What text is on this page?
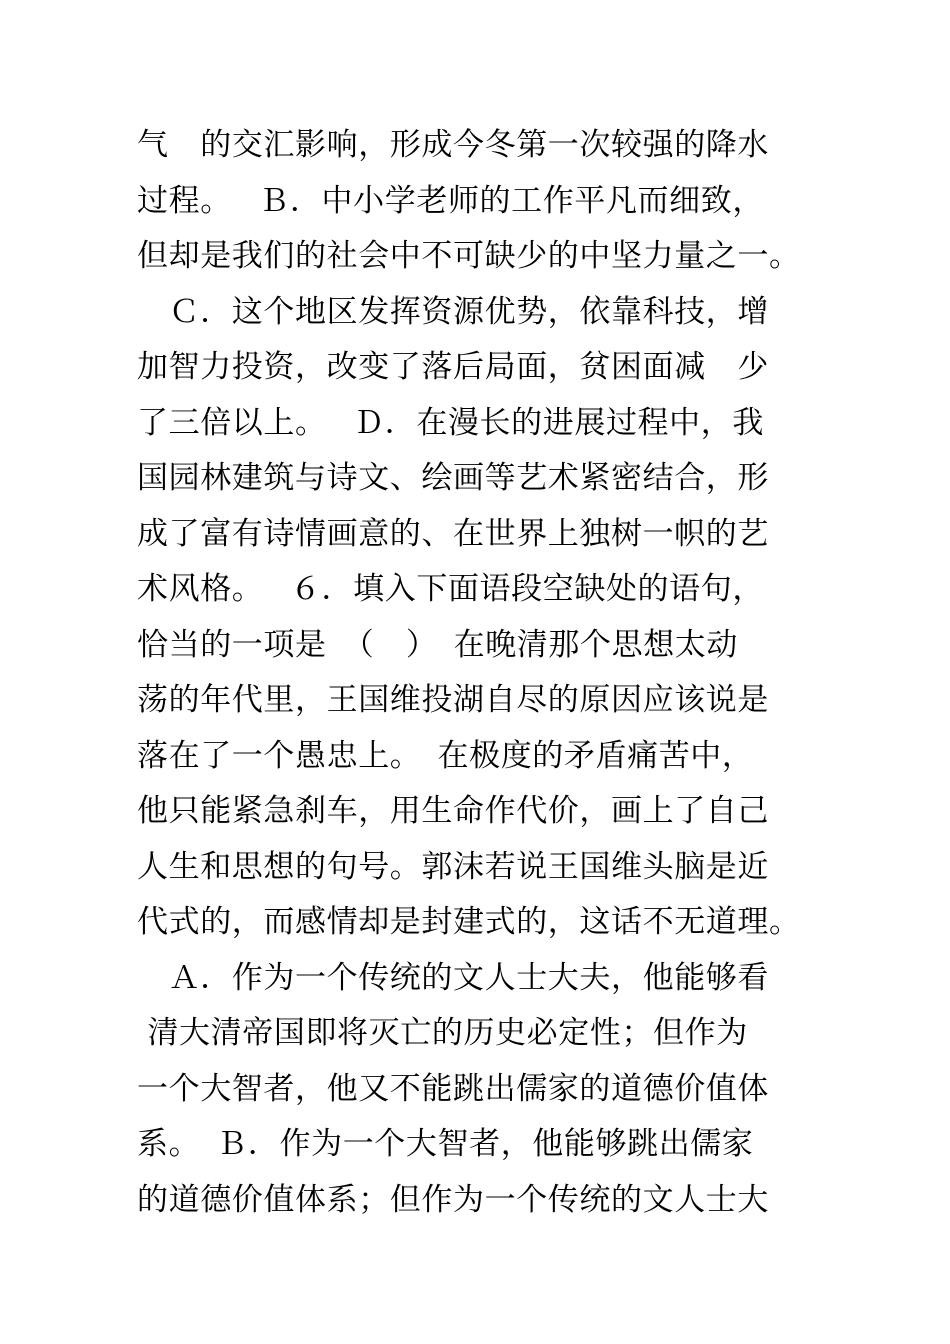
气　的交汇影响，形成今冬第一次较强的降水
过程。　 Ｂ．中小学老师的工作平凡而细致，
但却是我们的社会中不可缺少的中坚力量之一。
　Ｃ．这个地区发挥资源优势，依靠科技，增
加智力投资，改变了落后局面，贫困面减　少
了三倍以上。　 Ｄ．在漫长的进展过程中，我
国园林建筑与诗文、绘画等艺术紧密结合，形
成了富有诗情画意的、在世界上独树一帜的艺
术风格。　 ６．填入下面语段空缺处的语句，
恰当的一项是　（　）　在晚清那个思想太动
荡的年代里，王国维投湖自尽的原因应该说是
落在了一个愚忠上。　在极度的矛盾痛苦中，
他只能紧急刹车，用生命作代价，画上了自己
人生和思想的句号。郭沫若说王国维头脑是近
代式的，而感情却是封建式的，这话不无道理。
　Ａ．作为一个传统的文人士大夫，他能够看
清大清帝国即将灭亡的历史必定性；但作为
一个大智者，他又不能跳出儒家的道德价值体
系。　Ｂ．作为一个大智者，他能够跳出儒家
的道德价值体系；但作为一个传统的文人士大
